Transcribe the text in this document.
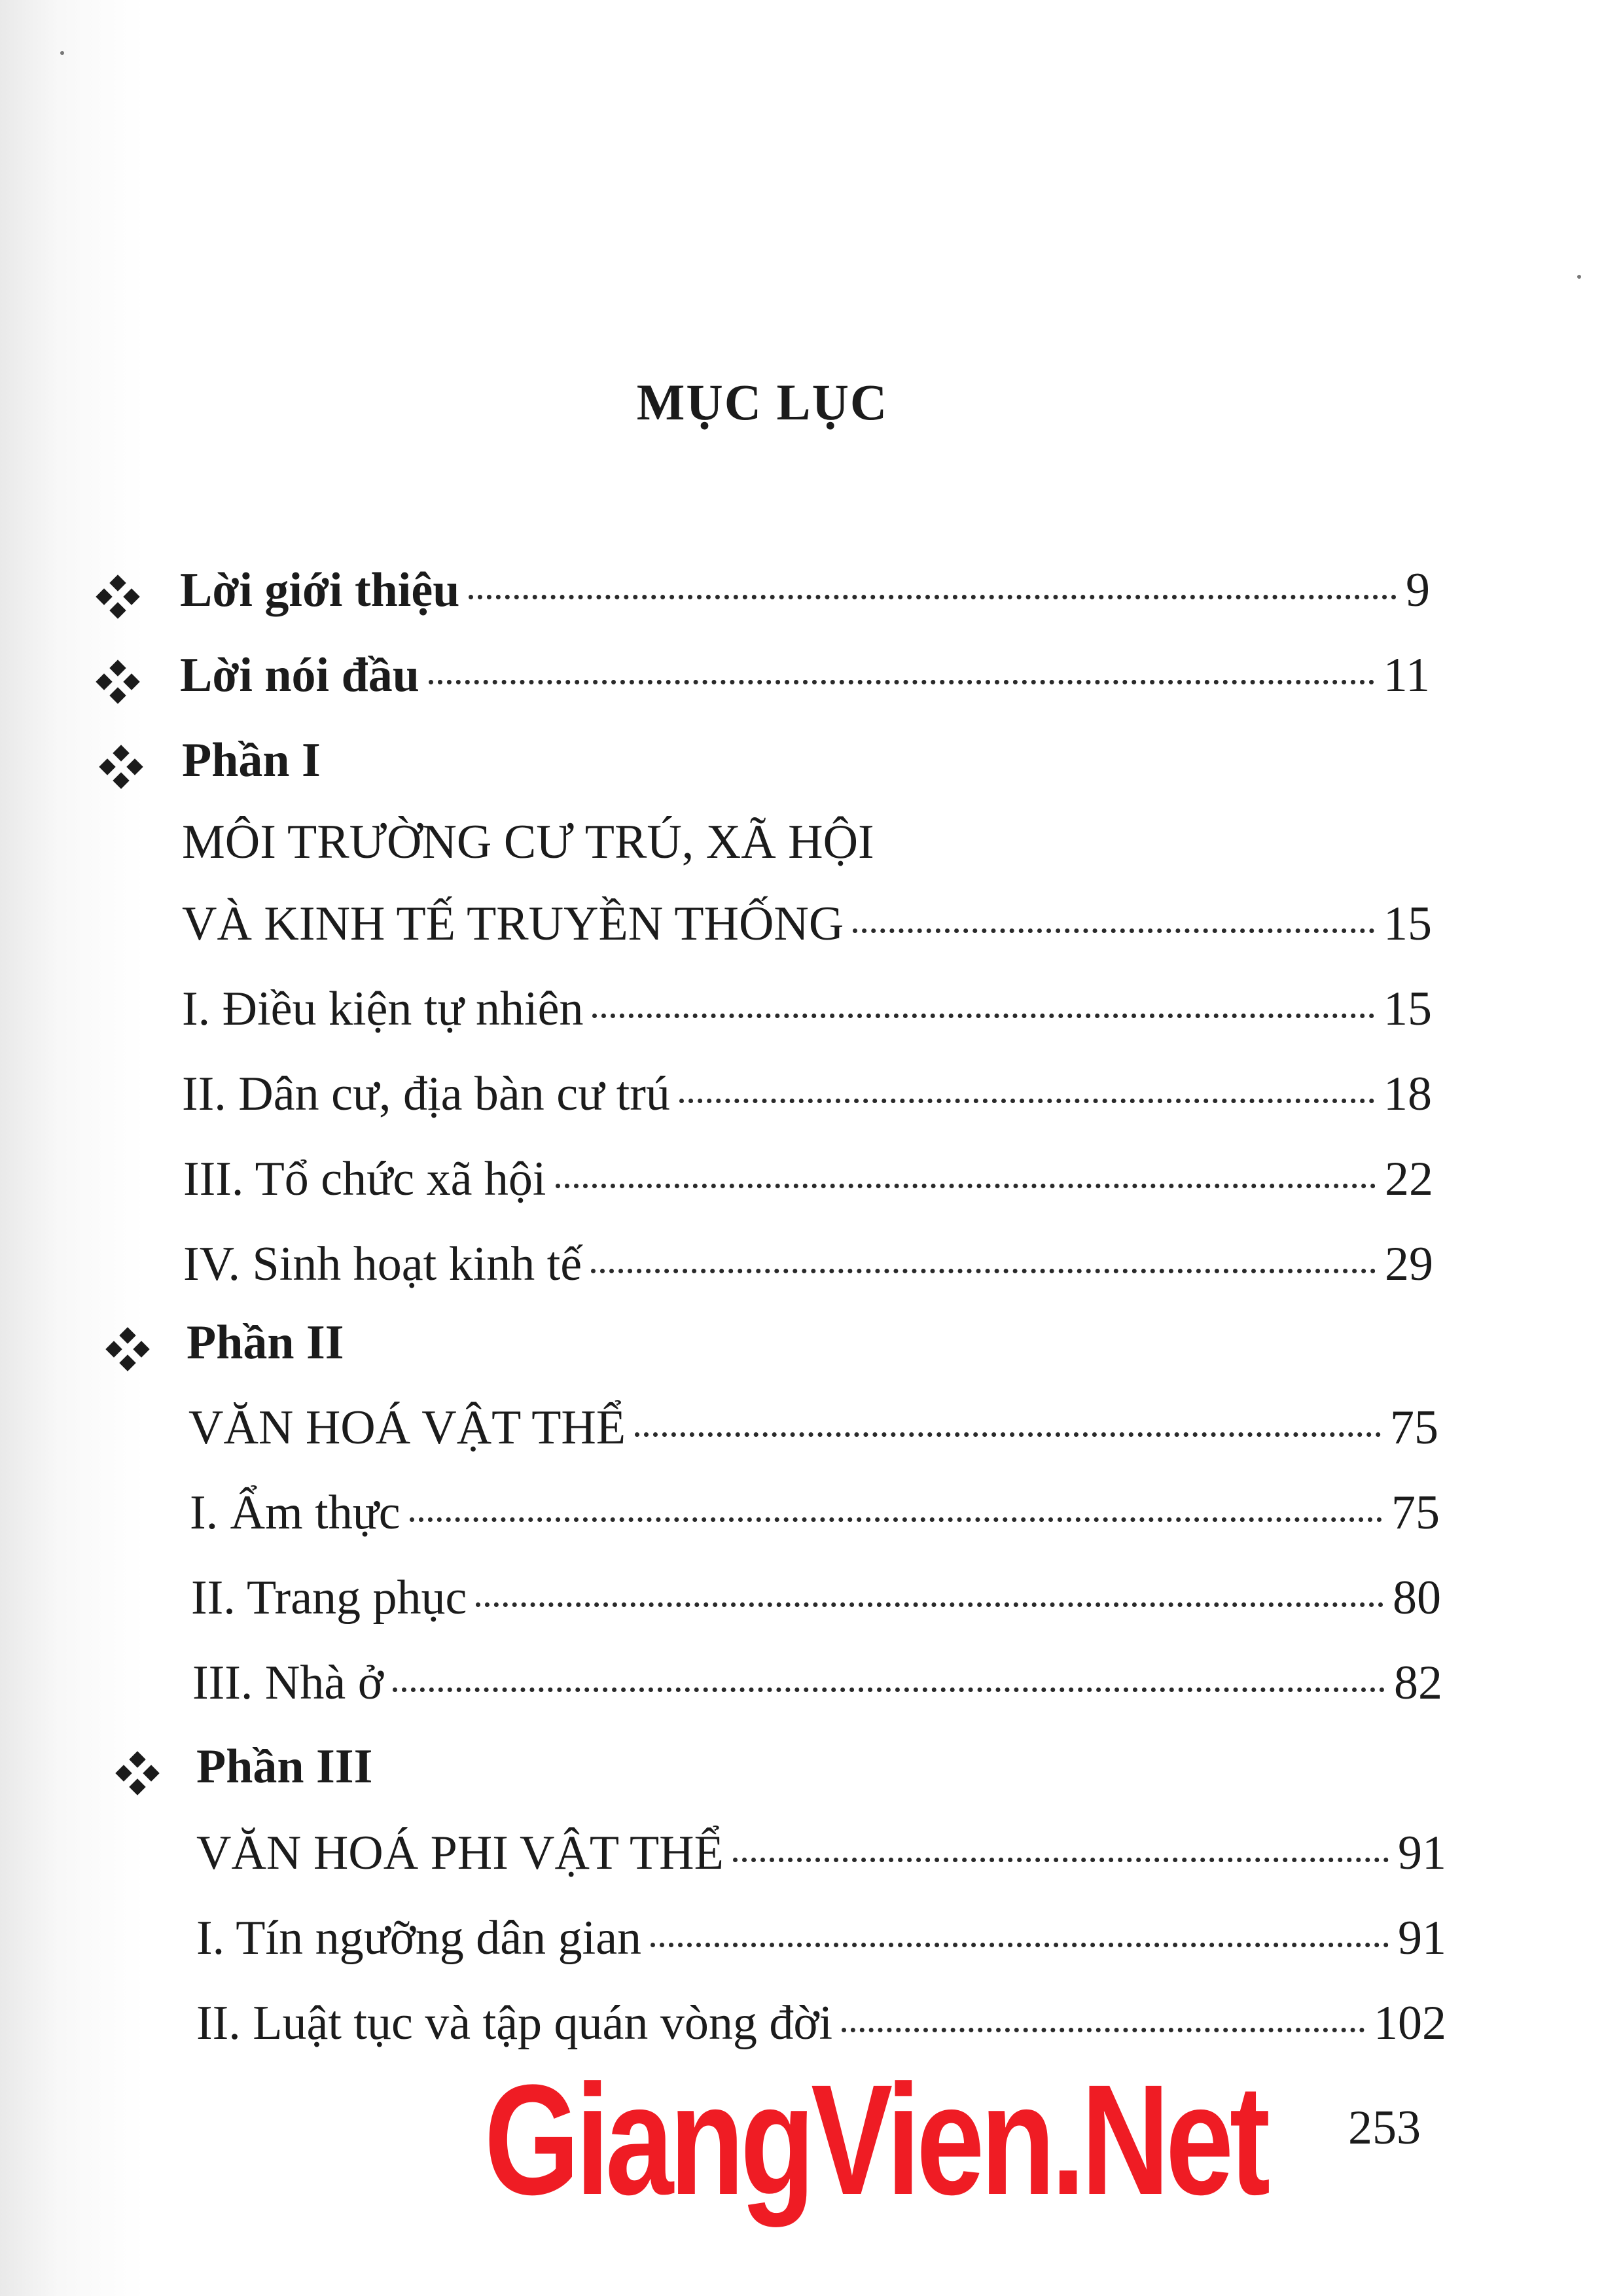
MỤC LỤC
Lời giới thiệu	9
Lời nói đầu	11
Phần I
MÔI TRƯỜNG CƯ TRÚ, XÃ HỘI
VÀ KINH TẾ TRUYỀN THỐNG	15
I. Điều kiện tự nhiên	15
II. Dân cư, địa bàn cư trú	18
III. Tổ chức xã hội	22
IV. Sinh hoạt kinh tế	29
Phần II
VĂN HOÁ VẬT THỂ	75
I. Ẩm thực	75
II. Trang phục	80
III. Nhà ở	82
Phần III
VĂN HOÁ PHI VẬT THỂ	91
I. Tín ngưỡng dân gian	91
II. Luật tục và tập quán vòng đời	102
GiangVien.Net 253
